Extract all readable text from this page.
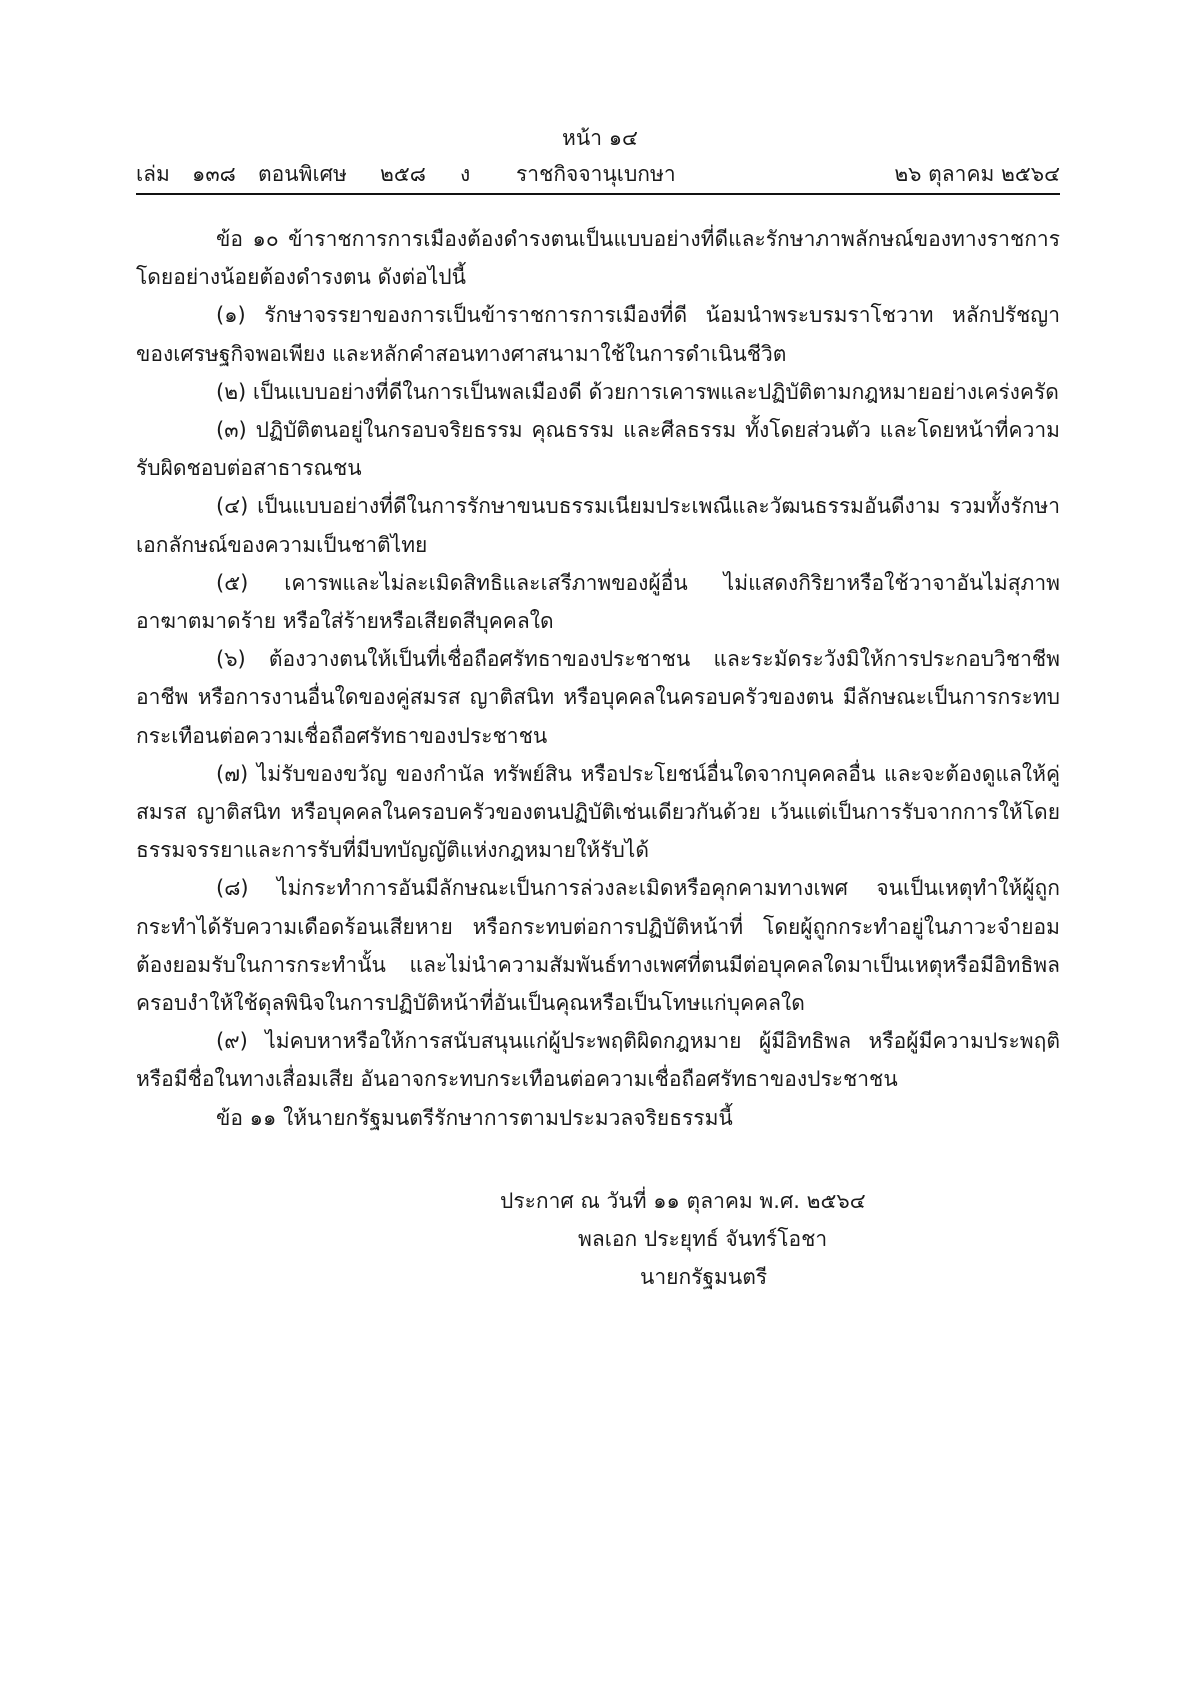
หน้า ๑๔
เล่ม ๑๓๘ ตอนพิเศษ ๒๕๘ ง ราชกิจจานุเบกษา	๒๖ ตุลาคม ๒๕๖๔

ข้อ ๑๐ ข้าราชการการเมืองต้องดำรงตนเป็นแบบอย่างที่ดีและรักษาภาพลักษณ์ของทางราชการ โดยอย่างน้อยต้องดำรงตน ดังต่อไปนี้

(๑) รักษาจรรยาของการเป็นข้าราชการการเมืองที่ดี น้อมนำพระบรมราโชวาท หลักปรัชญาของเศรษฐกิจพอเพียง และหลักคำสอนทางศาสนามาใช้ในการดำเนินชีวิต

(๒) เป็นแบบอย่างที่ดีในการเป็นพลเมืองดี ด้วยการเคารพและปฏิบัติตามกฎหมายอย่างเคร่งครัด

(๓) ปฏิบัติตนอยู่ในกรอบจริยธรรม คุณธรรม และศีลธรรม ทั้งโดยส่วนตัว และโดยหน้าที่ความรับผิดชอบต่อสาธารณชน

(๔) เป็นแบบอย่างที่ดีในการรักษาขนบธรรมเนียมประเพณีและวัฒนธรรมอันดีงาม รวมทั้งรักษาเอกลักษณ์ของความเป็นชาติไทย

(๕) เคารพและไม่ละเมิดสิทธิและเสรีภาพของผู้อื่น ไม่แสดงกิริยาหรือใช้วาจาอันไม่สุภาพอาฆาตมาดร้าย หรือใส่ร้ายหรือเสียดสีบุคคลใด

(๖) ต้องวางตนให้เป็นที่เชื่อถือศรัทธาของประชาชน และระมัดระวังมิให้การประกอบวิชาชีพ อาชีพ หรือการงานอื่นใดของคู่สมรส ญาติสนิท หรือบุคคลในครอบครัวของตน มีลักษณะเป็นการกระทบกระเทือนต่อความเชื่อถือศรัทธาของประชาชน

(๗) ไม่รับของขวัญ ของกำนัล ทรัพย์สิน หรือประโยชน์อื่นใดจากบุคคลอื่น และจะต้องดูแลให้คู่สมรส ญาติสนิท หรือบุคคลในครอบครัวของตนปฏิบัติเช่นเดียวกันด้วย เว้นแต่เป็นการรับจากการให้โดยธรรมจรรยาและการรับที่มีบทบัญญัติแห่งกฎหมายให้รับได้

(๘) ไม่กระทำการอันมีลักษณะเป็นการล่วงละเมิดหรือคุกคามทางเพศ จนเป็นเหตุทำให้ผู้ถูกกระทำได้รับความเดือดร้อนเสียหาย หรือกระทบต่อการปฏิบัติหน้าที่ โดยผู้ถูกกระทำอยู่ในภาวะจำยอมต้องยอมรับในการกระทำนั้น และไม่นำความสัมพันธ์ทางเพศที่ตนมีต่อบุคคลใดมาเป็นเหตุหรือมีอิทธิพลครอบงำให้ใช้ดุลพินิจในการปฏิบัติหน้าที่อันเป็นคุณหรือเป็นโทษแก่บุคคลใด

(๙) ไม่คบหาหรือให้การสนับสนุนแก่ผู้ประพฤติผิดกฎหมาย ผู้มีอิทธิพล หรือผู้มีความประพฤติหรือมีชื่อในทางเสื่อมเสีย อันอาจกระทบกระเทือนต่อความเชื่อถือศรัทธาของประชาชน

ข้อ ๑๑ ให้นายกรัฐมนตรีรักษาการตามประมวลจริยธรรมนี้

ประกาศ ณ วันที่ ๑๑ ตุลาคม พ.ศ. ๒๕๖๔
พลเอก ประยุทธ์ จันทร์โอชา
นายกรัฐมนตรี
